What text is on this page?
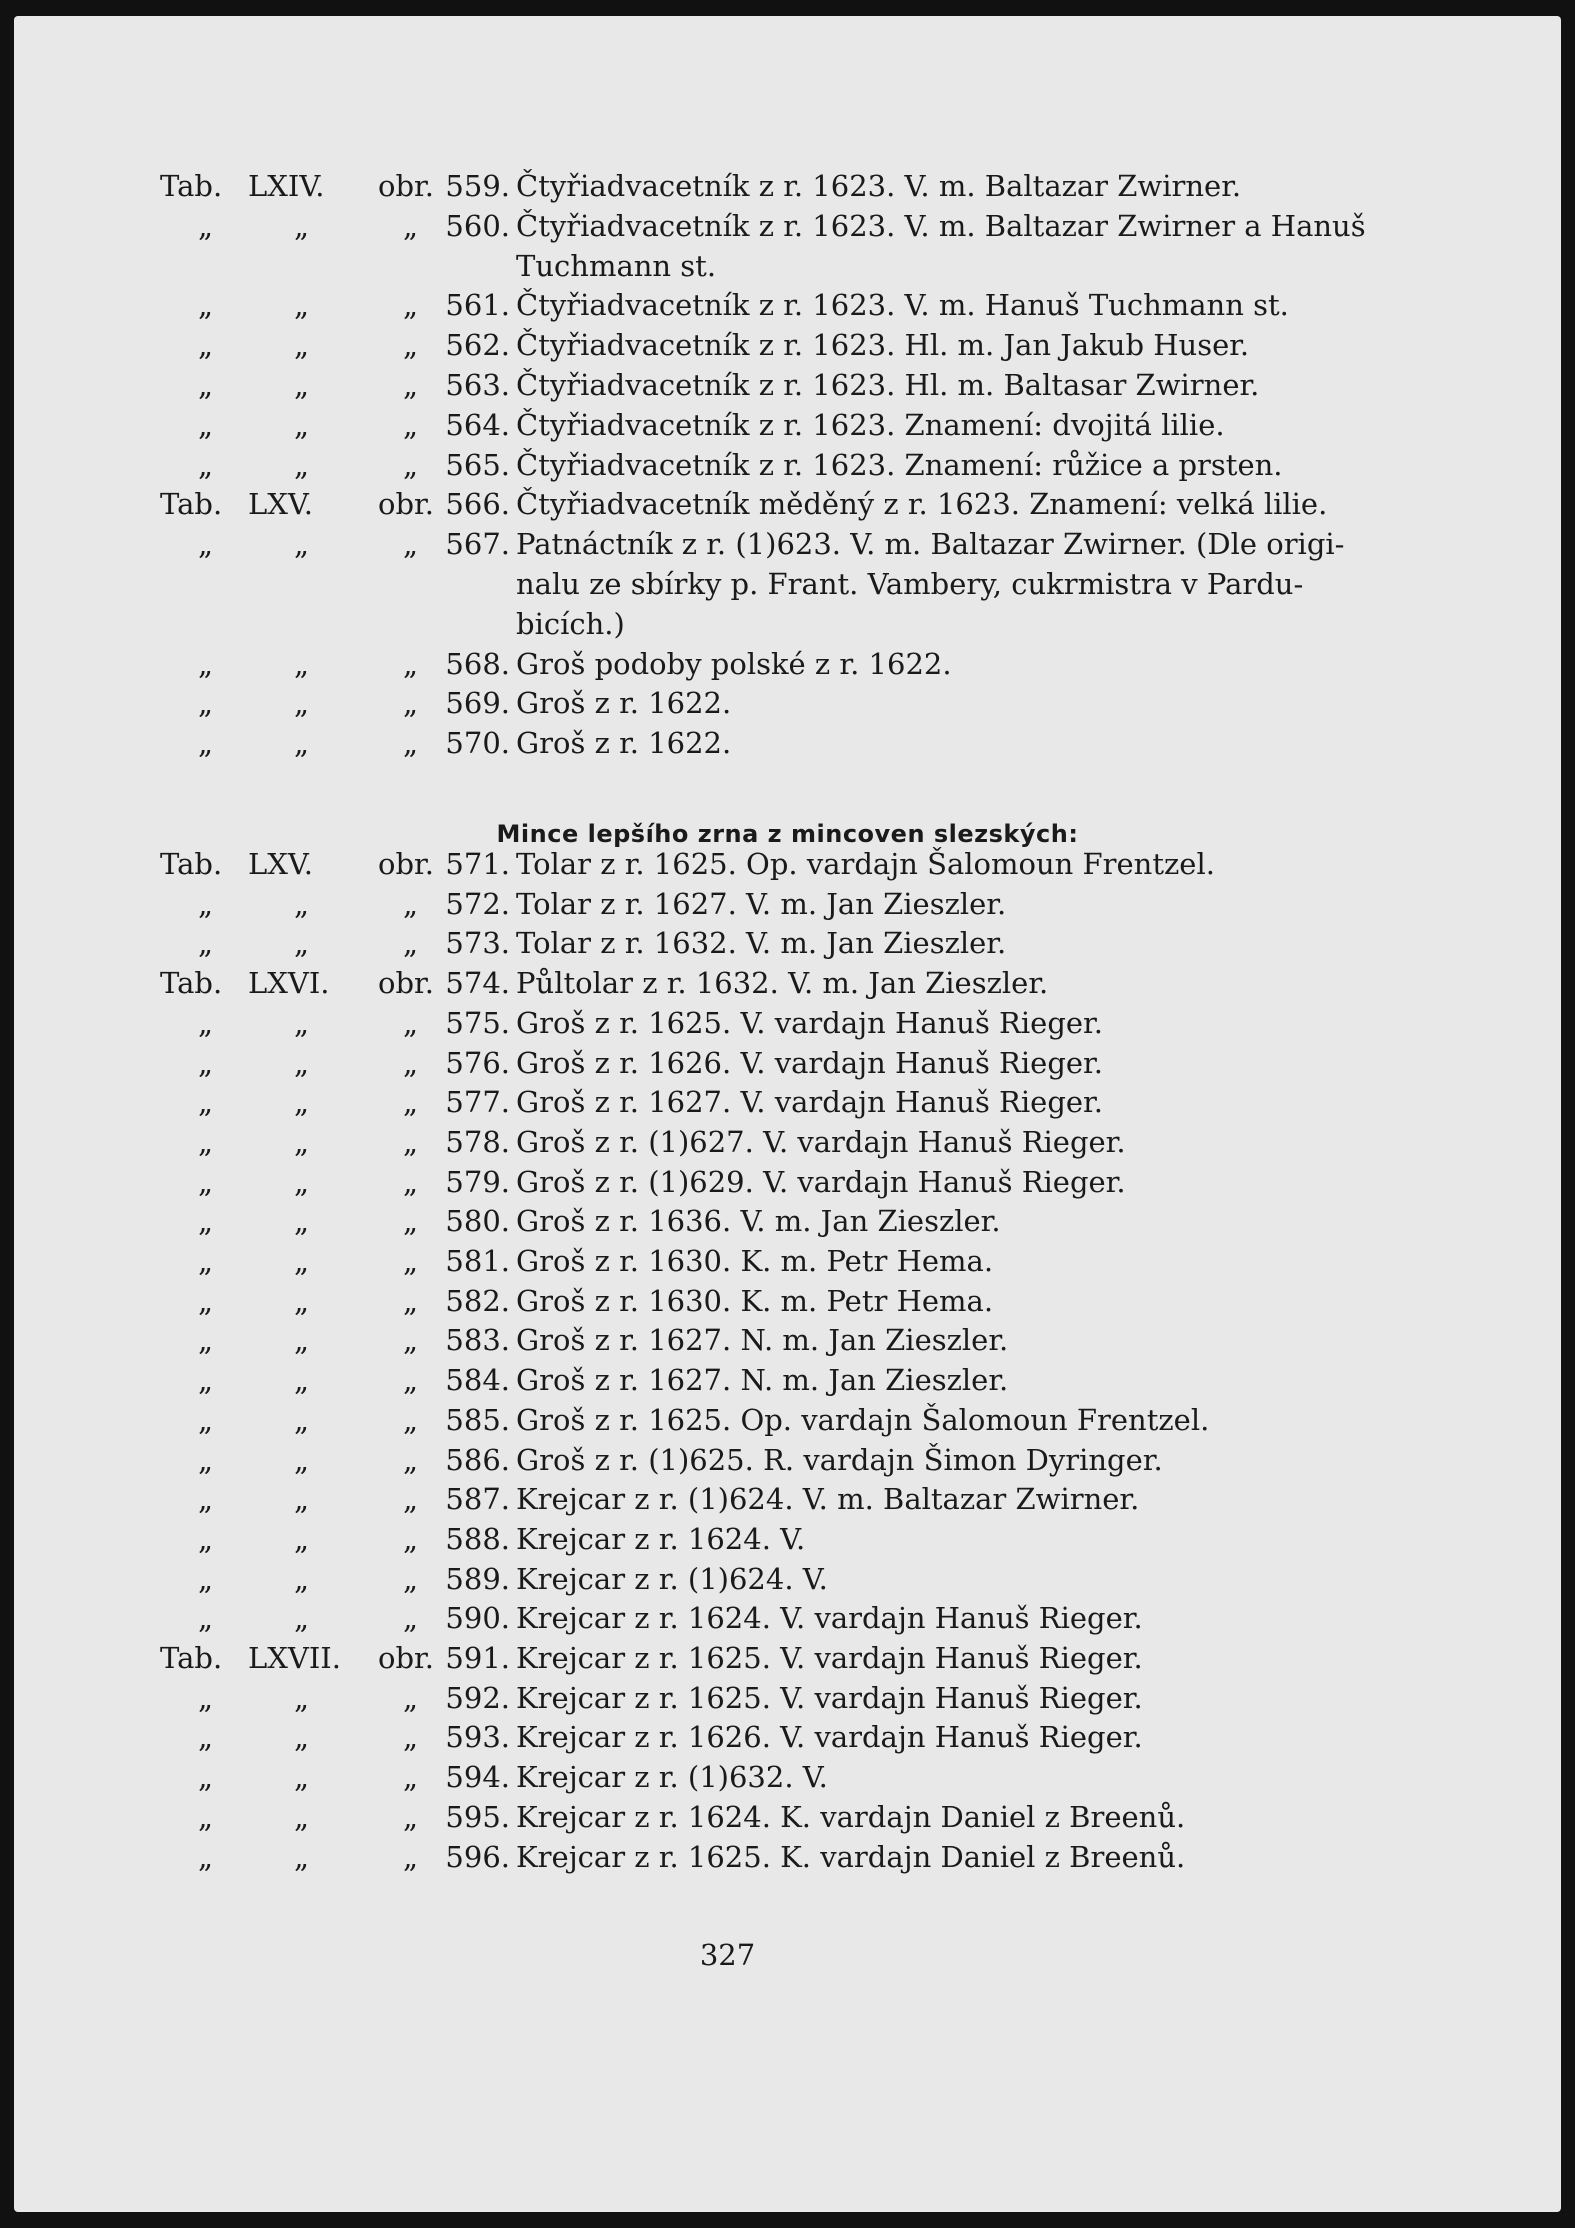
Tab. LXIV. obr. 559. Čtyřiadvacetník z r. 1623. V. m. Baltazar Zwirner.
„	„	„ 560. Čtyřiadvacetník z r. 1623. V. m. Baltazar Zwirner a Hanuš
Tuchmann st.
„	„	„ 561. Čtyřiadvacetník z r. 1623. V. m. Hanuš Tuchmann st.
„	„	„ 562. Čtyřiadvacetník z r. 1623. Hl. m. Jan Jakub Huser.
„	„	„ 563. Čtyřiadvacetník z r. 1623. Hl. m. Baltasar Zwirner.
„	„	„ 564. Čtyřiadvacetník z r. 1623. Znamení: dvojitá lilie.
„	„	„ 565. Čtyřiadvacetník z r. 1623. Znamení: růžice a prsten.
Tab. LXV. obr. 566. Čtyřiadvacetník měděný z r. 1623. Znamení: velká lilie.
„	„	„ 567. Patnáctník z r. (1)623. V. m. Baltazar Zwirner. (Dle origi-
nalu ze sbírky p. Frant. Vambery, cukrmistra v Pardu-
bicích.)
„	„	„ 568. Groš podoby polské z r. 1622.
„	„	„ 569. Groš z r. 1622.
„	„	„ 570. Groš z r. 1622.
Mince lepšího zrna z mincoven slezských:
Tab. LXV. obr. 571. Tolar z r. 1625. Op. vardajn Šalomoun Frentzel.
„	„	„ 572. Tolar z r. 1627. V. m. Jan Zieszler.
„	„	„ 573. Tolar z r. 1632. V. m. Jan Zieszler.
Tab. LXVI. obr. 574. Půltolar z r. 1632. V. m. Jan Zieszler.
„	„	„ 575. Groš z r. 1625. V. vardajn Hanuš Rieger.
„	„	„ 576. Groš z r. 1626. V. vardajn Hanuš Rieger.
„	„	„ 577. Groš z r. 1627. V. vardajn Hanuš Rieger.
„	„	„ 578. Groš z r. (1)627. V. vardajn Hanuš Rieger.
„	„	„ 579. Groš z r. (1)629. V. vardajn Hanuš Rieger.
„	„	„ 580. Groš z r. 1636. V. m. Jan Zieszler.
„	„	„ 581. Groš z r. 1630. K. m. Petr Hema.
„	„	„ 582. Groš z r. 1630. K. m. Petr Hema.
„	„	„ 583. Groš z r. 1627. N. m. Jan Zieszler.
„	„	„ 584. Groš z r. 1627. N. m. Jan Zieszler.
„	„	„ 585. Groš z r. 1625. Op. vardajn Šalomoun Frentzel.
„	„	„ 586. Groš z r. (1)625. R. vardajn Šimon Dyringer.
„	„	„ 587. Krejcar z r. (1)624. V. m. Baltazar Zwirner.
„	„	„ 588. Krejcar z r. 1624. V.
„	„	„ 589. Krejcar z r. (1)624. V.
„	„	„ 590. Krejcar z r. 1624. V. vardajn Hanuš Rieger.
Tab. LXVII. obr. 591. Krejcar z r. 1625. V. vardajn Hanuš Rieger.
„	„	„ 592. Krejcar z r. 1625. V. vardajn Hanuš Rieger.
„	„	„ 593. Krejcar z r. 1626. V. vardajn Hanuš Rieger.
„	„	„ 594. Krejcar z r. (1)632. V.
„	„	„ 595. Krejcar z r. 1624. K. vardajn Daniel z Breenů.
„	„	„ 596. Krejcar z r. 1625. K. vardajn Daniel z Breenů.
327
